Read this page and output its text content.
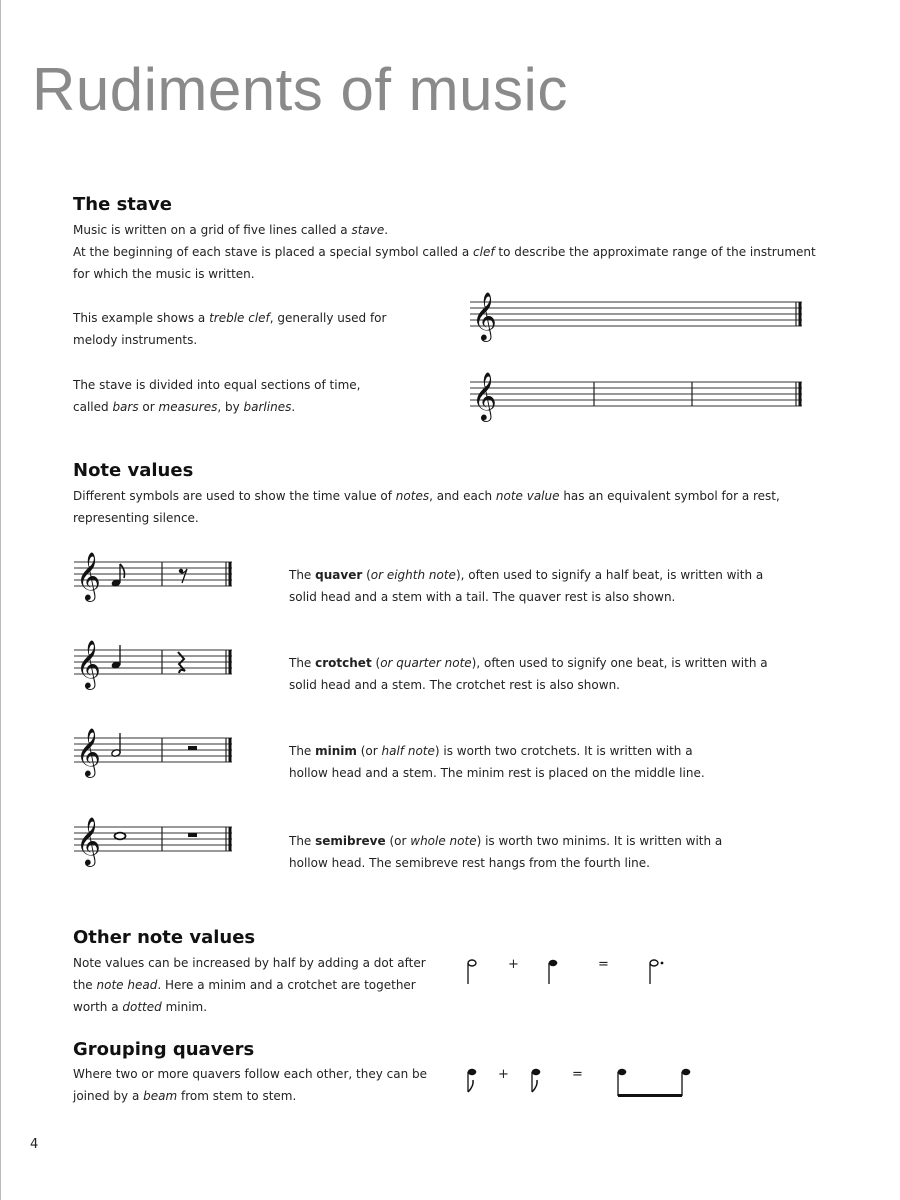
Rudiments of music
The stave

Music is written on a grid of five lines called a stave.

At the beginning of each stave is placed a special symbol called a clef to describe the approximate range of the instrument

for which the music is written.

This example shows a treble clef, generally used for

melody instruments.

The stave is divided into equal sections of time,

called bars or measures, by barlines.

𝄞
𝄞
Note values

Different symbols are used to show the time value of notes, and each note value has an equivalent symbol for a rest,

representing silence.

𝄞	The quaver (or eighth note), often used to signify a half beat, is written with a

solid head and a stem with a tail. The quaver rest is also shown.

𝄞	The crotchet (or quarter note), often used to signify one beat, is written with a

solid head and a stem. The crotchet rest is also shown.

𝄞	The minim (or half note) is worth two crotchets. It is written with a

hollow head and a stem. The minim rest is placed on the middle line.

𝄞	The semibreve (or whole note) is worth two minims. It is written with a

hollow head. The semibreve rest hangs from the fourth line.

Other note values

Note values can be increased by half by adding a dot after

the note head. Here a minim and a crotchet are together

worth a dotted minim.

+	=
Grouping quavers

Where two or more quavers follow each other, they can be

joined by a beam from stem to stem.

+	=
4
